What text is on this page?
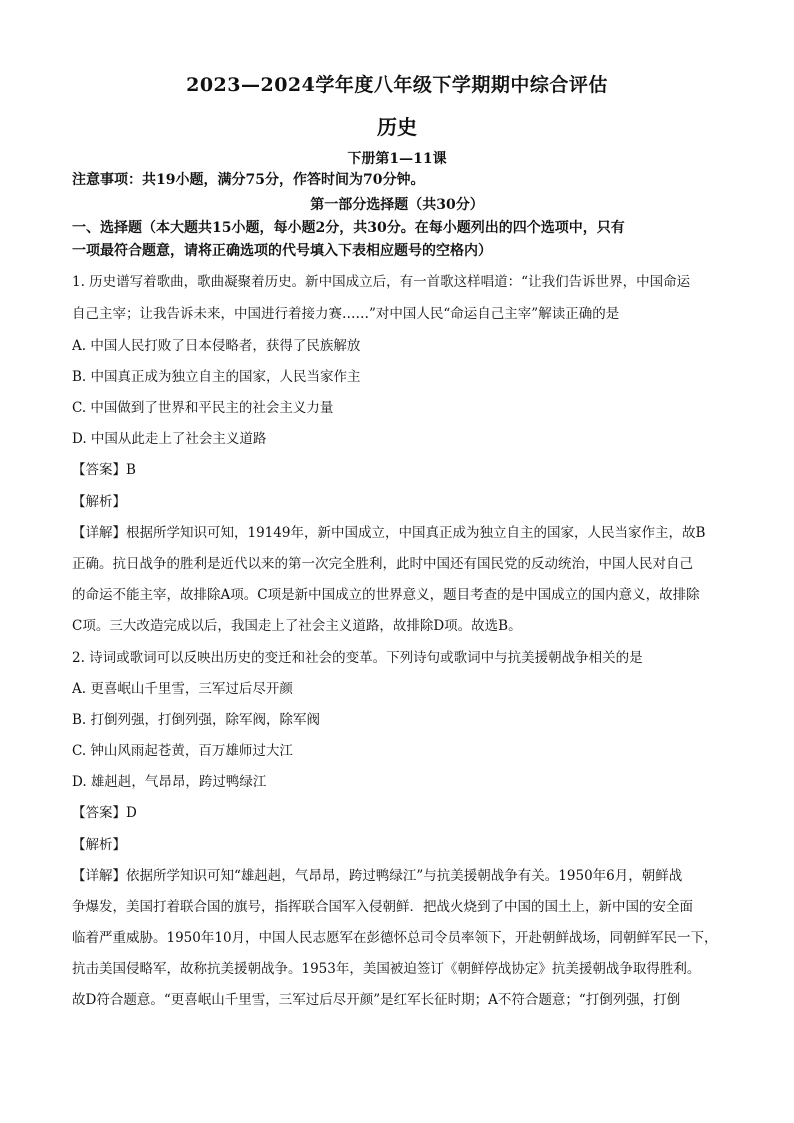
2023—2024学年度八年级下学期期中综合评估
历史
下册第1—11课
注意事项：共19小题，满分75分，作答时间为70分钟。
第一部分选择题（共30分）
一、选择题（本大题共15小题，每小题2分，共30分。在每小题列出的四个选项中，只有
一项最符合题意，请将正确选项的代号填入下表相应题号的空格内）
1. 历史谱写着歌曲，歌曲凝聚着历史。新中国成立后，有一首歌这样唱道：“让我们告诉世界，中国命运
自己主宰；让我告诉未来，中国进行着接力赛……”对中国人民“命运自己主宰”解读正确的是
A. 中国人民打败了日本侵略者，获得了民族解放
B. 中国真正成为独立自主的国家，人民当家作主
C. 中国做到了世界和平民主的社会主义力量
D. 中国从此走上了社会主义道路
【答案】B
【解析】
【详解】根据所学知识可知，19149年，新中国成立，中国真正成为独立自主的国家，人民当家作主，故B
正确。抗日战争的胜利是近代以来的第一次完全胜利，此时中国还有国民党的反动统治，中国人民对自己
的命运不能主宰，故排除A项。C项是新中国成立的世界意义，题目考查的是中国成立的国内意义，故排除
C项。三大改造完成以后，我国走上了社会主义道路，故排除D项。故选B。
2. 诗词或歌词可以反映出历史的变迁和社会的变革。下列诗句或歌词中与抗美援朝战争相关的是
A. 更喜岷山千里雪，三军过后尽开颜
B. 打倒列强，打倒列强，除军阀，除军阀
C. 钟山风雨起苍黄，百万雄师过大江
D. 雄赳赳，气昂昂，跨过鸭绿江
【答案】D
【解析】
【详解】依据所学知识可知“雄赳赳，气昂昂，跨过鸭绿江”与抗美援朝战争有关。1950年6月，朝鲜战
争爆发，美国打着联合国的旗号，指挥联合国军入侵朝鲜．把战火烧到了中国的国土上，新中国的安全面
临着严重威胁。1950年10月，中国人民志愿军在彭德怀总司令员率领下，开赴朝鲜战场，同朝鲜军民一下，
抗击美国侵略军，故称抗美援朝战争。1953年，美国被迫签订《朝鲜停战协定》抗美援朝战争取得胜利。
故D符合题意。“更喜岷山千里雪，三军过后尽开颜”是红军长征时期；A不符合题意；“打倒列强，打倒
